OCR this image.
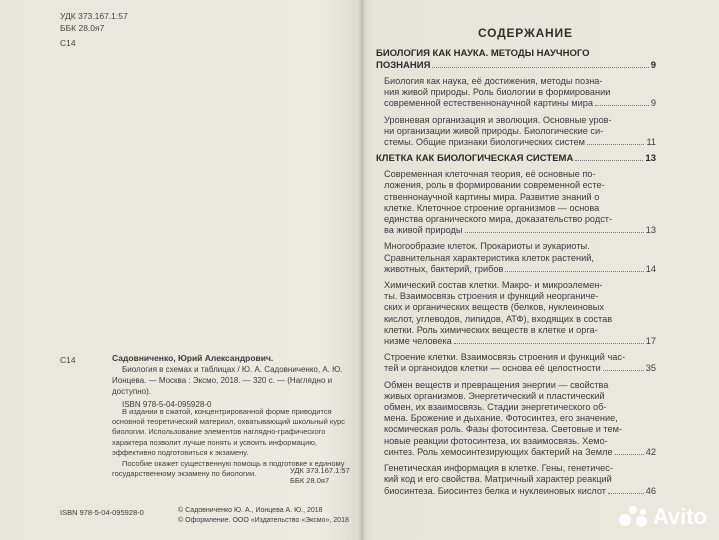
УДК 373.167.1:57
ББК 28.0я7
С14
С14	Садовниченко, Юрий Александрович.
Биология в схемах и таблицах / Ю. А. Садовниченко, А. Ю. Ионцева. — Москва : Эксмо, 2018. — 320 с. — (Наглядно и доступно).
ISBN 978-5-04-095928-0

В издании в сжатой, концентрированной форме приводится основной теоретический материал, охватывающий школьный курс биологии. Использование элементов наглядно-графического характера позволит лучше понять и усвоить информацию, эффективно подготовиться к экзамену.

Пособие окажет существенную помощь в подготовке к единому государственному экзамену по биологии.	УДК 373.167.1:57
ББК 28.0я7
ISBN 978-5-04-095928-0	© Садовниченко Ю. А., Ионцева А. Ю., 2018
© Оформление. ООО «Издательство «Эксмо», 2018
СОДЕРЖАНИЕ
БИОЛОГИЯ КАК НАУКА. МЕТОДЫ НАУЧНОГО
ПОЗНАНИЯ	9
Биология как наука, её достижения, методы позна-
ния живой природы. Роль биологии в формировании
современной естественнонаучной картины мира	9
Уровневая организация и эволюция. Основные уров-
ни организации живой природы. Биологические си-
стемы. Общие признаки биологических систем	11
КЛЕТКА КАК БИОЛОГИЧЕСКАЯ СИСТЕМА	13
Современная клеточная теория, её основные по-
ложения, роль в формировании современной есте-
ственнонаучной картины мира. Развитие знаний о
клетке. Клеточное строение организмов — основа
единства органического мира, доказательство родст-
ва живой природы	13
Многообразие клеток. Прокариоты и эукариоты.
Сравнительная характеристика клеток растений,
животных, бактерий, грибов	14
Химический состав клетки. Макро- и микроэлемен-
ты. Взаимосвязь строения и функций неорганиче-
ских и органических веществ (белков, нуклеиновых
кислот, углеводов, липидов, АТФ), входящих в состав
клетки. Роль химических веществ в клетке и орга-
низме человека	17
Строение клетки. Взаимосвязь строения и функций час-
тей и органоидов клетки — основа её целостности	35
Обмен веществ и превращения энергии — свойства
живых организмов. Энергетический и пластический
обмен, их взаимосвязь. Стадии энергетического об-
мена. Брожение и дыхание. Фотосинтез, его значение,
космическая роль. Фазы фотосинтеза. Световые и тем-
новые реакции фотосинтеза, их взаимосвязь. Хемо-
синтез. Роль хемосинтезирующих бактерий на Земле	42
Генетическая информация в клетке. Гены, генетичес-
кий код и его свойства. Матричный характер реакций
биосинтеза. Биосинтез белка и нуклеиновых кислот	46
Avito
